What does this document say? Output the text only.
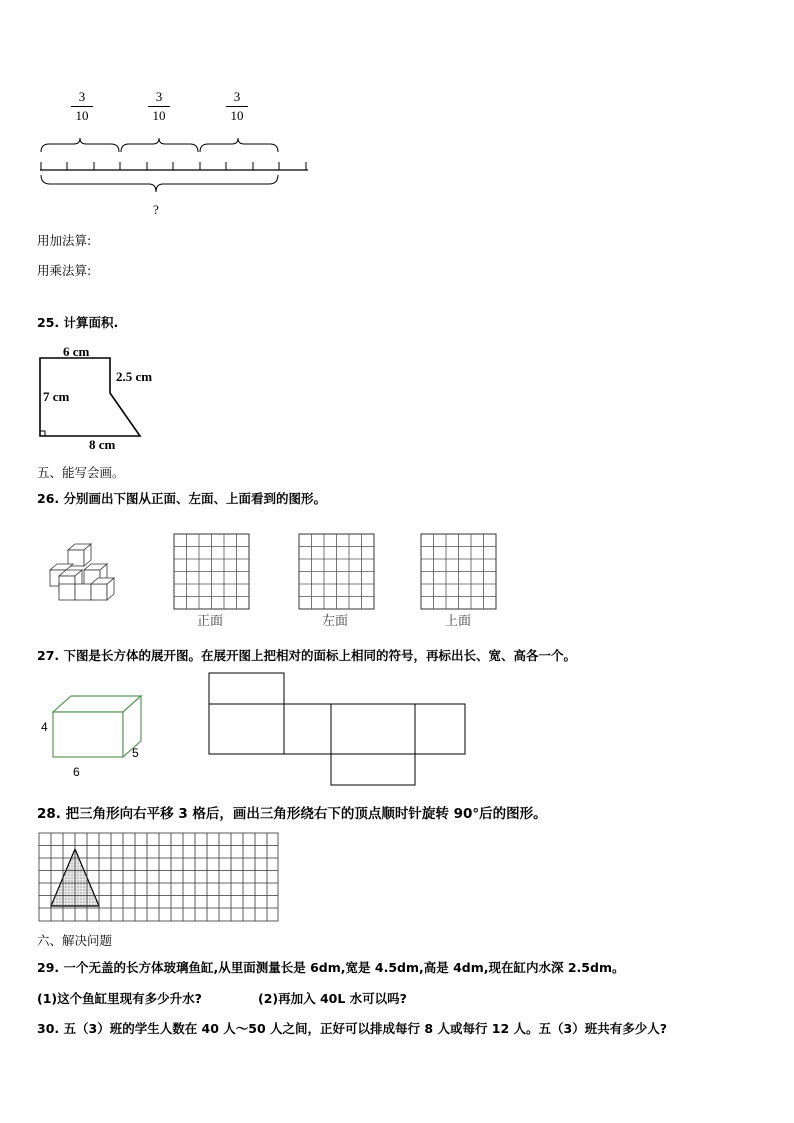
3
10
3
10
3
10
?
用加法算:
用乘法算:
25. 计算面积.
6 cm
2.5 cm
7 cm
8 cm
五、能写会画。
26. 分别画出下图从正面、左面、上面看到的图形。
正面	左面	上面
27. 下图是长方体的展开图。在展开图上把相对的面标上相同的符号，再标出长、宽、高各一个。
4
6
5
28. 把三角形向右平移 3 格后，画出三角形绕右下的顶点顺时针旋转 90°后的图形。
六、解决问题
29. 一个无盖的长方体玻璃鱼缸,从里面测量长是 6dm,宽是 4.5dm,高是 4dm,现在缸内水深 2.5dm。
(1)这个鱼缸里现有多少升水?	(2)再加入 40L 水可以吗?
30. 五（3）班的学生人数在 40 人～50 人之间，正好可以排成每行 8 人或每行 12 人。五（3）班共有多少人?
